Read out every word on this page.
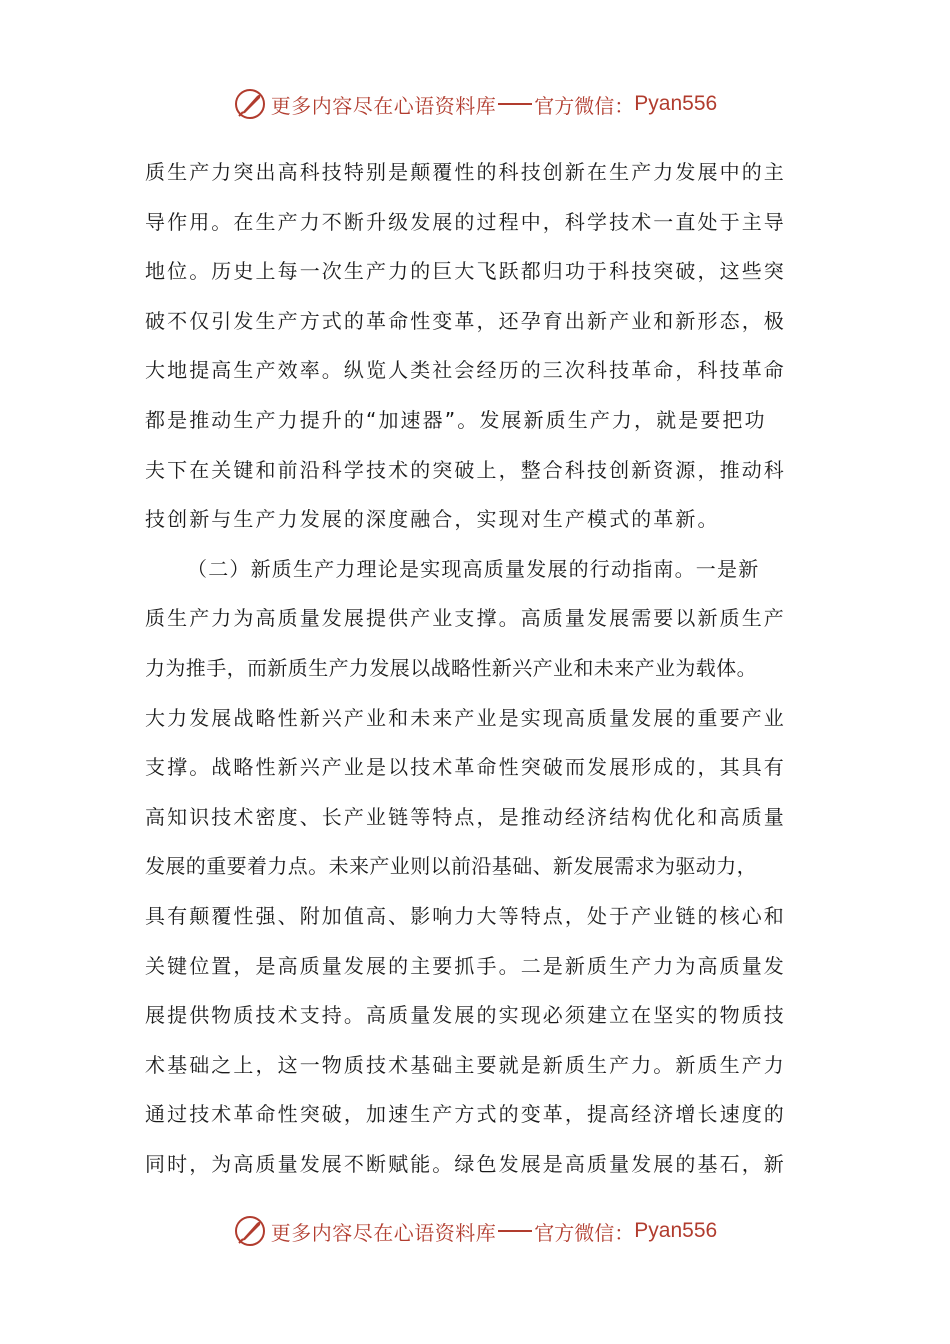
更多内容尽在心语资料库 官方微信： Pyan556
质生产力突出高科技特别是颠覆性的科技创新在生产力发展中的主
导作用。在生产力不断升级发展的过程中，科学技术一直处于主导
地位。历史上每一次生产力的巨大飞跃都归功于科技突破，这些突
破不仅引发生产方式的革命性变革，还孕育出新产业和新形态，极
大地提高生产效率。纵览人类社会经历的三次科技革命，科技革命
都是推动生产力提升的“加速器”。发展新质生产力，就是要把功
夫下在关键和前沿科学技术的突破上，整合科技创新资源，推动科
技创新与生产力发展的深度融合，实现对生产模式的革新。
（二）新质生产力理论是实现高质量发展的行动指南。一是新
质生产力为高质量发展提供产业支撑。高质量发展需要以新质生产
力为推手，而新质生产力发展以战略性新兴产业和未来产业为载体。
大力发展战略性新兴产业和未来产业是实现高质量发展的重要产业
支撑。战略性新兴产业是以技术革命性突破而发展形成的，其具有
高知识技术密度、长产业链等特点，是推动经济结构优化和高质量
发展的重要着力点。未来产业则以前沿基础、新发展需求为驱动力，
具有颠覆性强、附加值高、影响力大等特点，处于产业链的核心和
关键位置，是高质量发展的主要抓手。二是新质生产力为高质量发
展提供物质技术支持。高质量发展的实现必须建立在坚实的物质技
术基础之上，这一物质技术基础主要就是新质生产力。新质生产力
通过技术革命性突破，加速生产方式的变革，提高经济增长速度的
同时，为高质量发展不断赋能。绿色发展是高质量发展的基石，新
更多内容尽在心语资料库 官方微信： Pyan556
